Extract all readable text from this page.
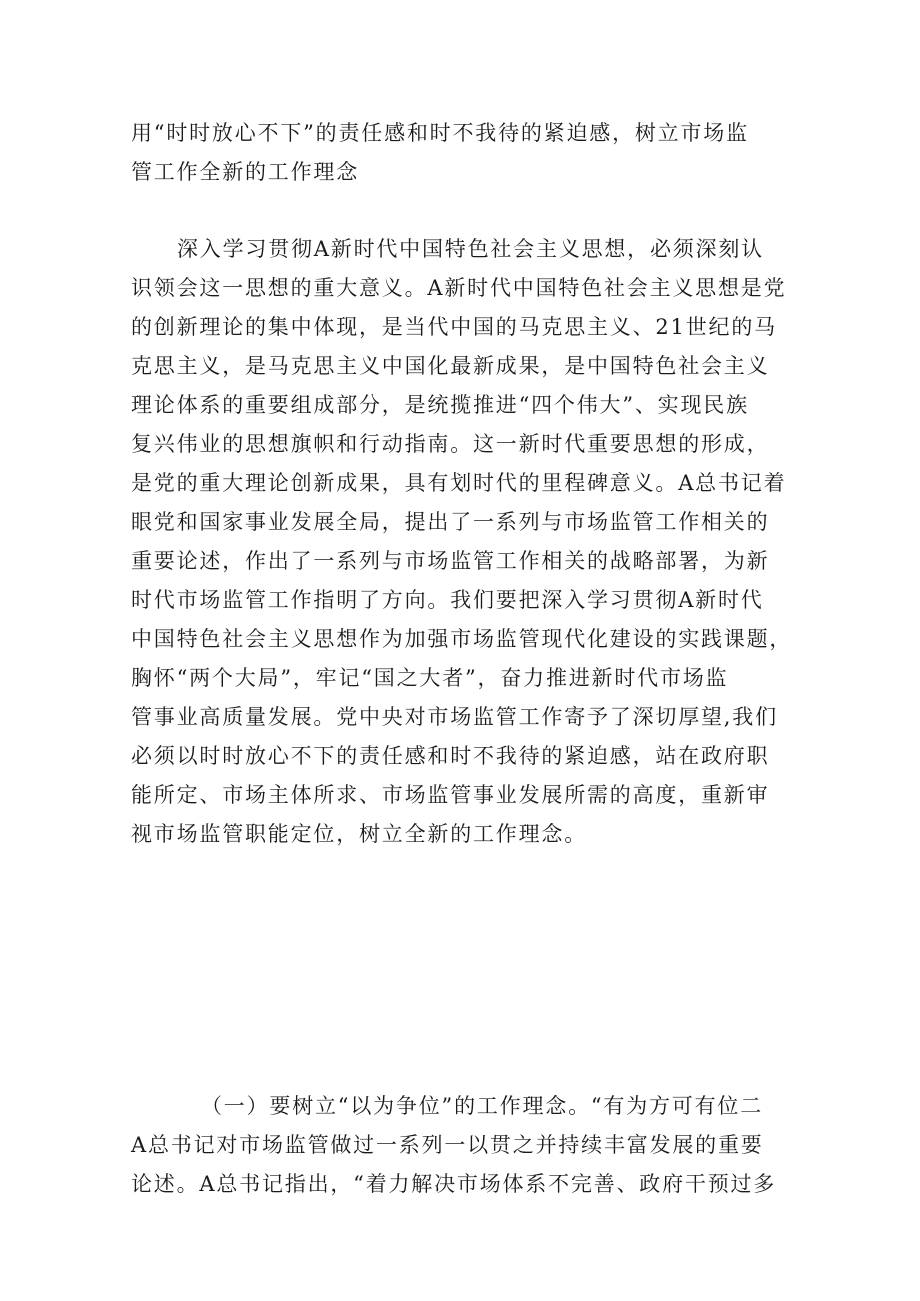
用“时时放心不下”的责任感和时不我待的紧迫感，树立市场监
管工作全新的工作理念
深入学习贯彻A新时代中国特色社会主义思想，必须深刻认
识领会这一思想的重大意义。A新时代中国特色社会主义思想是党
的创新理论的集中体现，是当代中国的马克思主义、21世纪的马
克思主义，是马克思主义中国化最新成果，是中国特色社会主义
理论体系的重要组成部分，是统揽推进“四个伟大”、实现民族
复兴伟业的思想旗帜和行动指南。这一新时代重要思想的形成，
是党的重大理论创新成果，具有划时代的里程碑意义。A总书记着
眼党和国家事业发展全局，提出了一系列与市场监管工作相关的
重要论述，作出了一系列与市场监管工作相关的战略部署，为新
时代市场监管工作指明了方向。我们要把深入学习贯彻A新时代
中国特色社会主义思想作为加强市场监管现代化建设的实践课题，
胸怀“两个大局”，牢记“国之大者”，奋力推进新时代市场监
管事业高质量发展。党中央对市场监管工作寄予了深切厚望,我们
必须以时时放心不下的责任感和时不我待的紧迫感，站在政府职
能所定、市场主体所求、市场监管事业发展所需的高度，重新审
视市场监管职能定位，树立全新的工作理念。
（一）要树立“以为争位”的工作理念。“有为方可有位二
A总书记对市场监管做过一系列一以贯之并持续丰富发展的重要
论述。A总书记指出，“着力解决市场体系不完善、政府干预过多
